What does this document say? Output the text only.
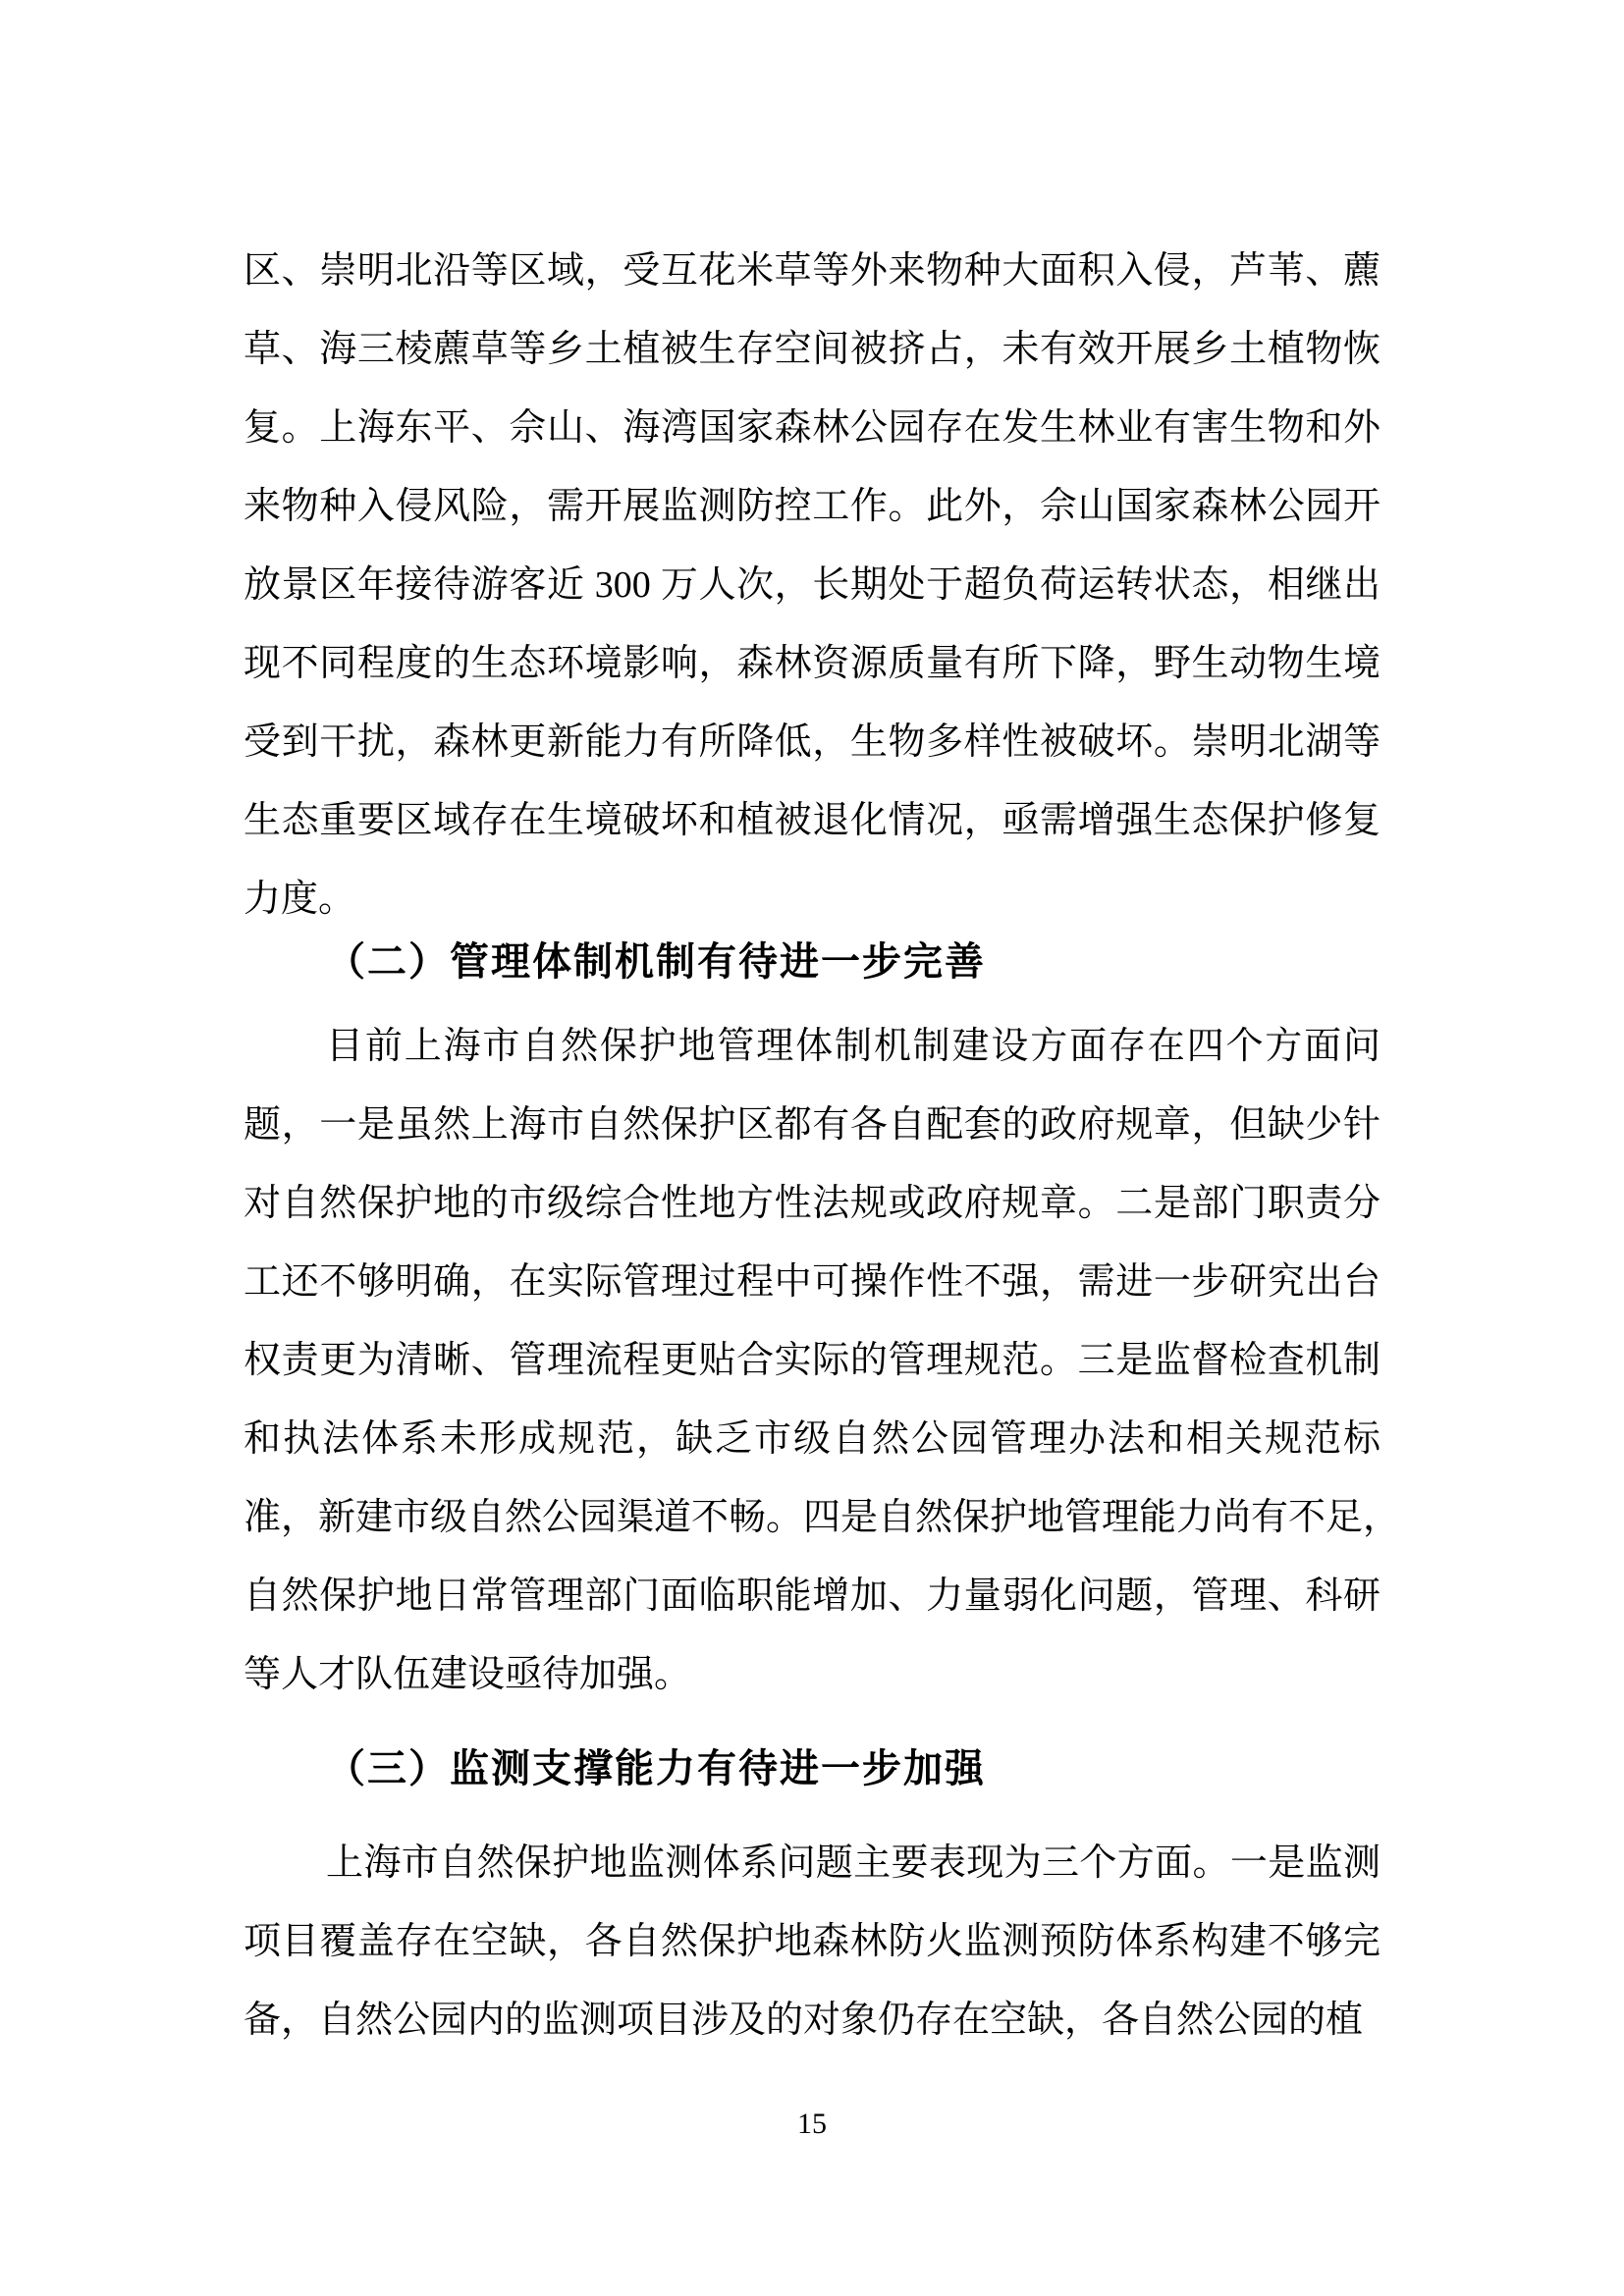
区、崇明北沿等区域，受互花米草等外来物种大面积入侵，芦苇、藨
草、海三棱藨草等乡土植被生存空间被挤占，未有效开展乡土植物恢
复。上海东平、佘山、海湾国家森林公园存在发生林业有害生物和外
来物种入侵风险，需开展监测防控工作。此外，佘山国家森林公园开
放景区年接待游客近 300 万人次，长期处于超负荷运转状态，相继出
现不同程度的生态环境影响，森林资源质量有所下降，野生动物生境
受到干扰，森林更新能力有所降低，生物多样性被破坏。崇明北湖等
生态重要区域存在生境破坏和植被退化情况，亟需增强生态保护修复
力度。
（二）管理体制机制有待进一步完善
目前上海市自然保护地管理体制机制建设方面存在四个方面问
题，一是虽然上海市自然保护区都有各自配套的政府规章，但缺少针
对自然保护地的市级综合性地方性法规或政府规章。二是部门职责分
工还不够明确，在实际管理过程中可操作性不强，需进一步研究出台
权责更为清晰、管理流程更贴合实际的管理规范。三是监督检查机制
和执法体系未形成规范，缺乏市级自然公园管理办法和相关规范标
准，新建市级自然公园渠道不畅。四是自然保护地管理能力尚有不足，
自然保护地日常管理部门面临职能增加、力量弱化问题，管理、科研
等人才队伍建设亟待加强。
（三）监测支撑能力有待进一步加强
上海市自然保护地监测体系问题主要表现为三个方面。一是监测
项目覆盖存在空缺，各自然保护地森林防火监测预防体系构建不够完
备，自然公园内的监测项目涉及的对象仍存在空缺，各自然公园的植
15
